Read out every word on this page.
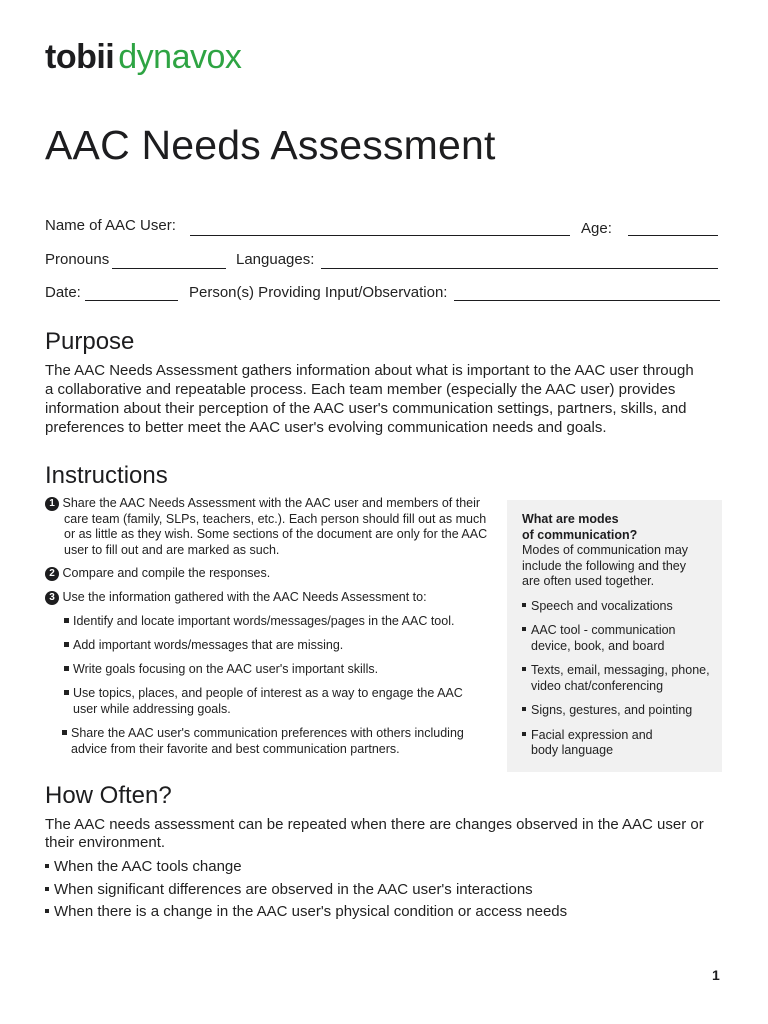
tobii dynavox
AAC Needs Assessment
Name of AAC User:	Age:
Pronouns	Languages:
Date:	Person(s) Providing Input/Observation:
Purpose
The AAC Needs Assessment gathers information about what is important to the AAC user through
a collaborative and repeatable process. Each team member (especially the AAC user) provides
information about their perception of the AAC user's communication settings, partners, skills, and
preferences to better meet the AAC user's evolving communication needs and goals.
Instructions
1 Share the AAC Needs Assessment with the AAC user and members of their
care team (family, SLPs, teachers, etc.). Each person should fill out as much
or as little as they wish. Some sections of the document are only for the AAC
user to fill out and are marked as such.
2 Compare and compile the responses.
3 Use the information gathered with the AAC Needs Assessment to:
Identify and locate important words/messages/pages in the AAC tool.
Add important words/messages that are missing.
Write goals focusing on the AAC user's important skills.
Use topics, places, and people of interest as a way to engage the AAC
user while addressing goals.
Share the AAC user's communication preferences with others including
advice from their favorite and best communication partners.
What are modes
of communication?
Modes of communication may
include the following and they
are often used together.
Speech and vocalizations
AAC tool - communication
device, book, and board
Texts, email, messaging, phone,
video chat/conferencing
Signs, gestures, and pointing
Facial expression and
body language
How Often?
The AAC needs assessment can be repeated when there are changes observed in the AAC user or
their environment.
When the AAC tools change
When significant differences are observed in the AAC user's interactions
When there is a change in the AAC user's physical condition or access needs
1
